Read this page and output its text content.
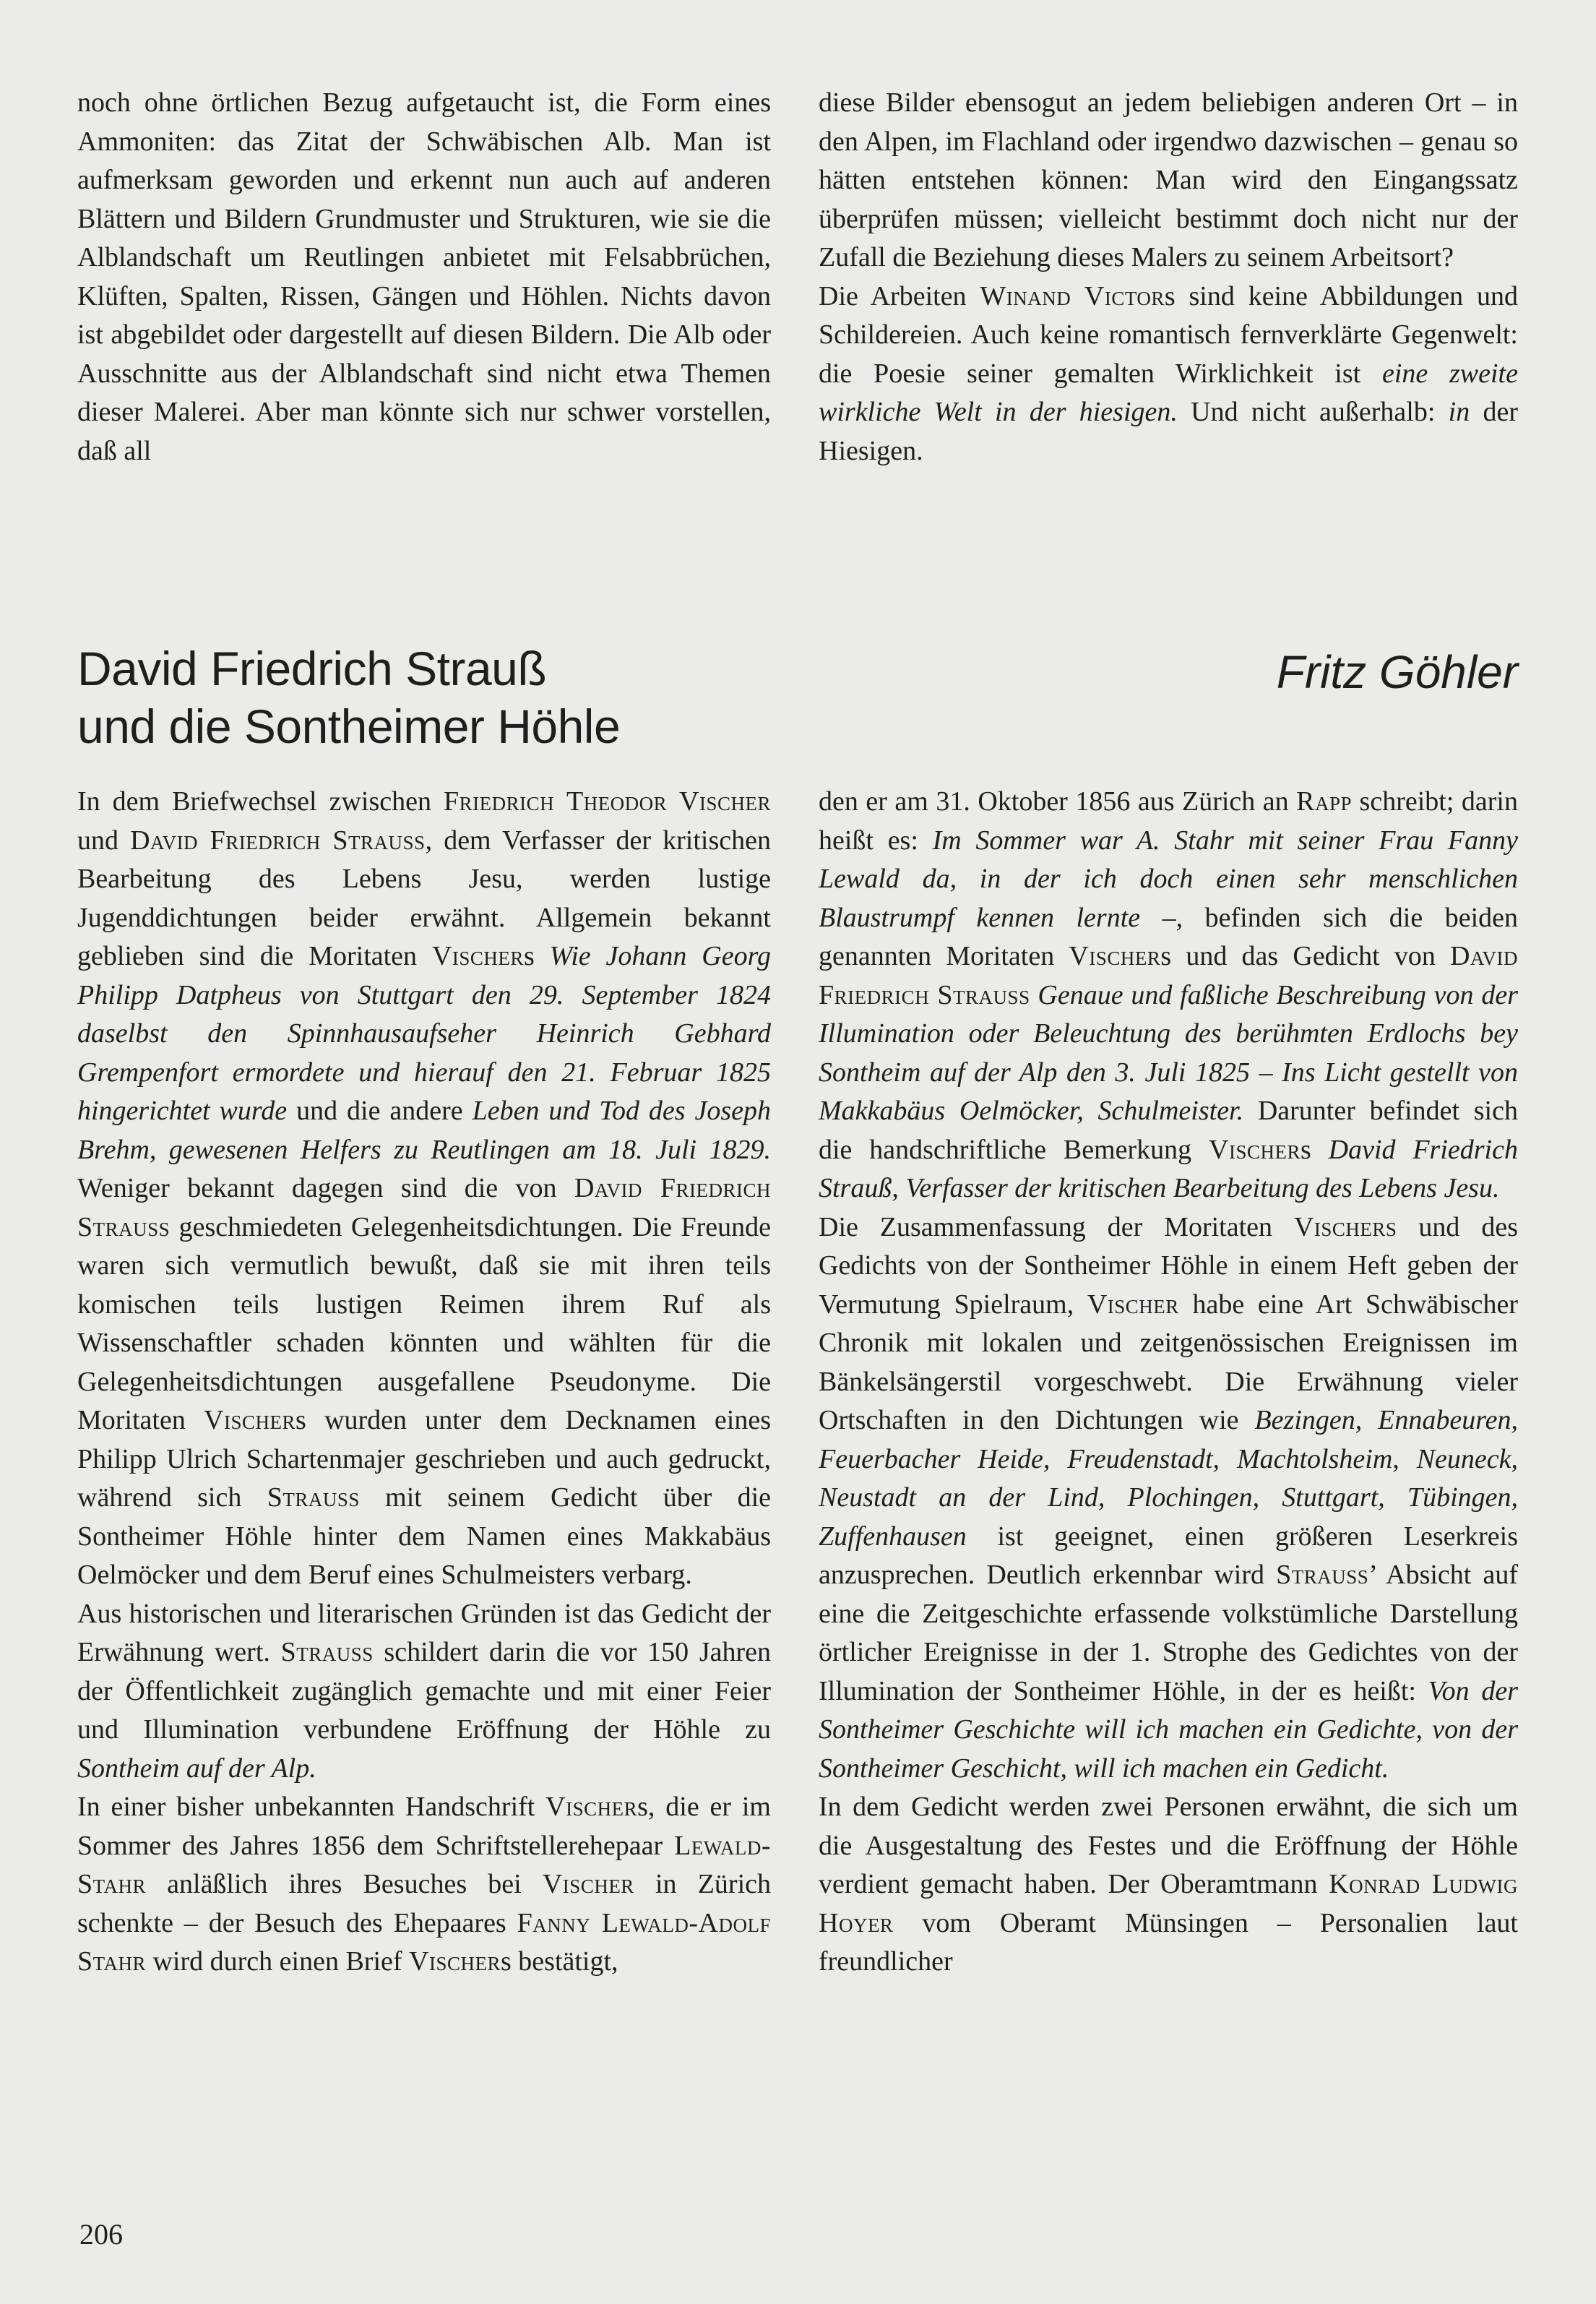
noch ohne örtlichen Bezug aufgetaucht ist, die Form eines Ammoniten: das Zitat der Schwäbischen Alb. Man ist aufmerksam geworden und erkennt nun auch auf anderen Blättern und Bildern Grundmuster und Strukturen, wie sie die Alblandschaft um Reutlingen anbietet mit Felsabbrüchen, Klüften, Spalten, Rissen, Gängen und Höhlen. Nichts davon ist abgebildet oder dargestellt auf diesen Bildern. Die Alb oder Ausschnitte aus der Alblandschaft sind nicht etwa Themen dieser Malerei. Aber man könnte sich nur schwer vorstellen, daß all

diese Bilder ebensogut an jedem beliebigen anderen Ort – in den Alpen, im Flachland oder irgendwo dazwischen – genau so hätten entstehen können: Man wird den Eingangssatz überprüfen müssen; vielleicht bestimmt doch nicht nur der Zufall die Beziehung dieses Malers zu seinem Arbeitsort?

Die Arbeiten Winand Victors sind keine Abbildungen und Schildereien. Auch keine romantisch fernverklärte Gegenwelt: die Poesie seiner gemalten Wirklichkeit ist eine zweite wirkliche Welt in der hiesigen. Und nicht außerhalb: in der Hiesigen.

David Friedrich Strauß
und die Sontheimer Höhle
Fritz Göhler

In dem Briefwechsel zwischen Friedrich Theodor Vischer und David Friedrich Strauss, dem Verfasser der kritischen Bearbeitung des Lebens Jesu, werden lustige Jugenddichtungen beider erwähnt. Allgemein bekannt geblieben sind die Moritaten Vischers Wie Johann Georg Philipp Datpheus von Stuttgart den 29. September 1824 daselbst den Spinnhausaufseher Heinrich Gebhard Grempenfort ermordete und hierauf den 21. Februar 1825 hingerichtet wurde und die andere Leben und Tod des Joseph Brehm, gewesenen Helfers zu Reutlingen am 18. Juli 1829. Weniger bekannt dagegen sind die von David Friedrich Strauss geschmiedeten Gelegenheitsdichtungen. Die Freunde waren sich vermutlich bewußt, daß sie mit ihren teils komischen teils lustigen Reimen ihrem Ruf als Wissenschaftler schaden könnten und wählten für die Gelegenheitsdichtungen ausgefallene Pseudonyme. Die Moritaten Vischers wurden unter dem Decknamen eines Philipp Ulrich Schartenmajer geschrieben und auch gedruckt, während sich Strauss mit seinem Gedicht über die Sontheimer Höhle hinter dem Namen eines Makkabäus Oelmöcker und dem Beruf eines Schulmeisters verbarg.

Aus historischen und literarischen Gründen ist das Gedicht der Erwähnung wert. Strauss schildert darin die vor 150 Jahren der Öffentlichkeit zugänglich gemachte und mit einer Feier und Illumination verbundene Eröffnung der Höhle zu Sontheim auf der Alp.

In einer bisher unbekannten Handschrift Vischers, die er im Sommer des Jahres 1856 dem Schriftstellerehepaar Lewald-Stahr anläßlich ihres Besuches bei Vischer in Zürich schenkte – der Besuch des Ehepaares Fanny Lewald-Adolf Stahr wird durch einen Brief Vischers bestätigt,

den er am 31. Oktober 1856 aus Zürich an Rapp schreibt; darin heißt es: Im Sommer war A. Stahr mit seiner Frau Fanny Lewald da, in der ich doch einen sehr menschlichen Blaustrumpf kennen lernte –, befinden sich die beiden genannten Moritaten Vischers und das Gedicht von David Friedrich Strauss Genaue und faßliche Beschreibung von der Illumination oder Beleuchtung des berühmten Erdlochs bey Sontheim auf der Alp den 3. Juli 1825 – Ins Licht gestellt von Makkabäus Oelmöcker, Schulmeister. Darunter befindet sich die handschriftliche Bemerkung Vischers David Friedrich Strauß, Verfasser der kritischen Bearbeitung des Lebens Jesu.

Die Zusammenfassung der Moritaten Vischers und des Gedichts von der Sontheimer Höhle in einem Heft geben der Vermutung Spielraum, Vischer habe eine Art Schwäbischer Chronik mit lokalen und zeitgenössischen Ereignissen im Bänkelsängerstil vorgeschwebt. Die Erwähnung vieler Ortschaften in den Dichtungen wie Bezingen, Ennabeuren, Feuerbacher Heide, Freudenstadt, Machtolsheim, Neuneck, Neustadt an der Lind, Plochingen, Stuttgart, Tübingen, Zuffenhausen ist geeignet, einen größeren Leserkreis anzusprechen. Deutlich erkennbar wird Strauss’ Absicht auf eine die Zeitgeschichte erfassende volkstümliche Darstellung örtlicher Ereignisse in der 1. Strophe des Gedichtes von der Illumination der Sontheimer Höhle, in der es heißt: Von der Sontheimer Geschichte will ich machen ein Gedichte, von der Sontheimer Geschicht, will ich machen ein Gedicht.

In dem Gedicht werden zwei Personen erwähnt, die sich um die Ausgestaltung des Festes und die Eröffnung der Höhle verdient gemacht haben. Der Oberamtmann Konrad Ludwig Hoyer vom Oberamt Münsingen – Personalien laut freundlicher

206
